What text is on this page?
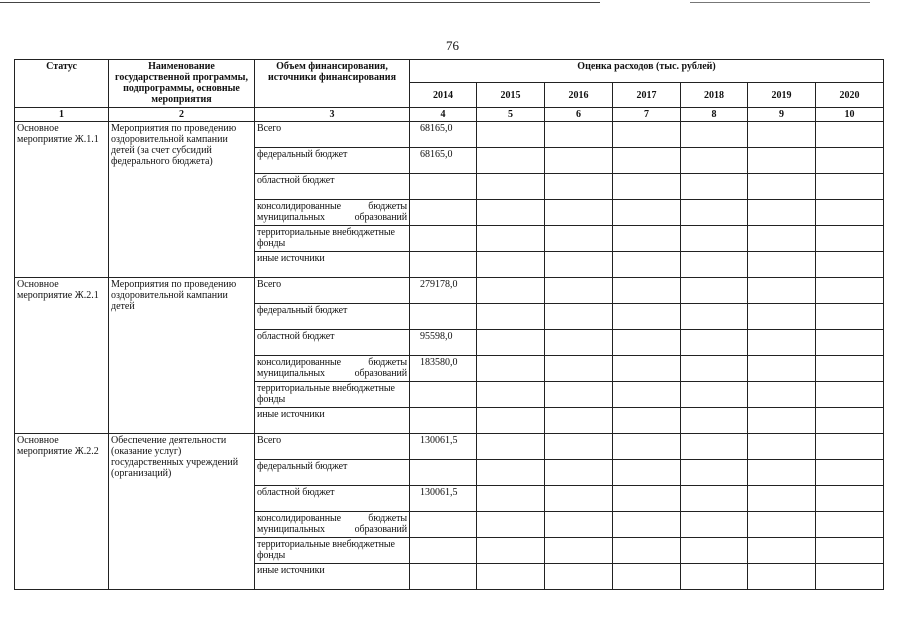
76
Статус	Наименование государственной программы, подпрограммы, основные мероприятия	Объем финансирования, источники финансирования	Оценка расходов (тыс. рублей)						
			2014	2015	2016	2017	2018	2019	2020
1	2	3	4	5	6	7	8	9	10
Основное мероприятие Ж.1.1	Мероприятия по проведению оздоровительной кампании детей (за счет субсидий федерального бюджета)	Всего	68165,0						
		федеральный бюджет	68165,0						
		областной бюджет							
		консолидированные бюджеты муниципальных образований							
		территориальные внебюджетные фонды							
		иные источники							
Основное мероприятие Ж.2.1	Мероприятия по проведению оздоровительной кампании детей	Всего	279178,0						
		федеральный бюджет							
		областной бюджет	95598,0						
		консолидированные бюджеты муниципальных образований	183580,0						
		территориальные внебюджетные фонды							
		иные источники							
Основное мероприятие Ж.2.2	Обеспечение деятельности (оказание услуг) государственных учреждений (организаций)	Всего	130061,5						
		федеральный бюджет							
		областной бюджет	130061,5						
		консолидированные бюджеты муниципальных образований							
		территориальные внебюджетные фонды							
		иные источники							
